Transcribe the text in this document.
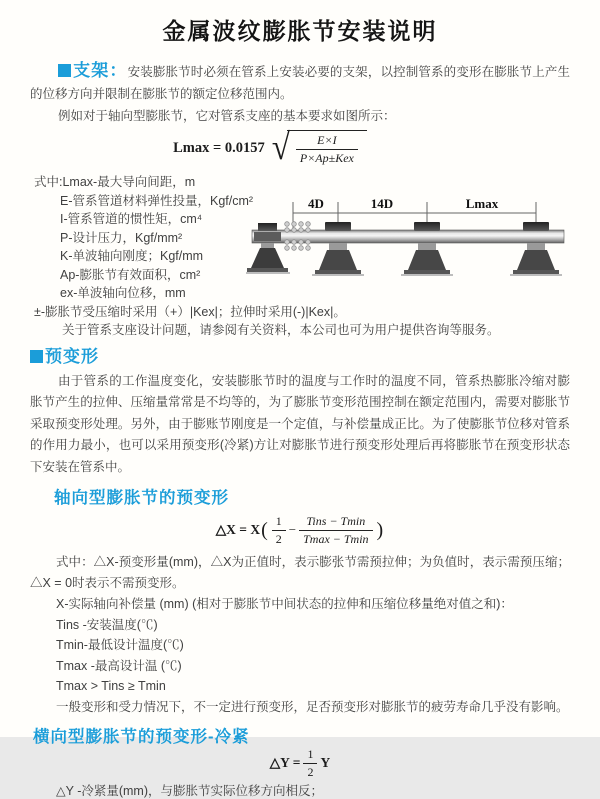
金属波纹膨胀节安装说明

支架：安装膨胀节时必须在管系上安装必要的支架，以控制管系的变形在膨胀节上产生的位移方向并限制在膨胀节的额定位移范围内。

例如对于轴向型膨胀节，它对管系支座的基本要求如图所示：

Lmax = 0.0157 √ $\frac{E\times I}{\text{P×Ap±Kex}}$
式中:Lmax-最大导向间距，m
E-管系管道材料弹性投量，Kgf/cm²
I-管系管道的惯性矩，cm⁴
P-设计压力，Kgf/mm²
K-单波轴向刚度；Kgf/mm
Ap-膨胀节有效面积，cm²
ex-单波轴向位移，mm
±-膨胀节受压缩时采用（+）|Kex|；拉伸时采用(-)|Kex|。
关于管系支座设计问题，请参阅有关资料，本公司也可为用户提供咨询等服务。
4D	14D	Lmax
预变形

由于管系的工作温度变化，安装膨胀节时的温度与工作时的温度不同，管系热膨胀冷缩对膨胀节产生的拉伸、压缩量常常是不均等的，为了膨胀节变形范围控制在额定范围内，需要对膨胀节采取预变形处理。另外，由于膨账节刚度是一个定值，与补偿量成正比。为了使膨胀节位移对管系的作用力最小，也可以采用预变形(冷紧)方让对膨胀节进行预变形处理后再将膨胀节在预变形状态下安装在管系中。

轴向型膨胀节的预变形
△X = X ( $\frac{1}{2} - \frac{\text{Tins − Tmin}}{Tmax - Tmin}$ )

式中：△X-预变形量(mm)，△X为正值时，表示膨张节需预拉伸；为负值时，表示需预压缩；△X = 0时表示不需预变形。

X-实际轴向补偿量 (mm) (相对于膨胀节中间状态的拉伸和压缩位移量绝对值之和)：
Tins -安装温度(℃)
Tmin-最低设计温度(℃)
Tmax -最高设计温 (℃)
Tmax > Tins ≥ Tmin
一般变形和受力情况下，不一定进行预变形，足否预变形对膨胀节的疲劳寿命几乎没有影响。
横向型膨胀节的预变形-冷紧
△Y = $\frac{1}{2}$ Y
△Y -冷紧量(mm)，与膨胀节实际位移方向相反；
